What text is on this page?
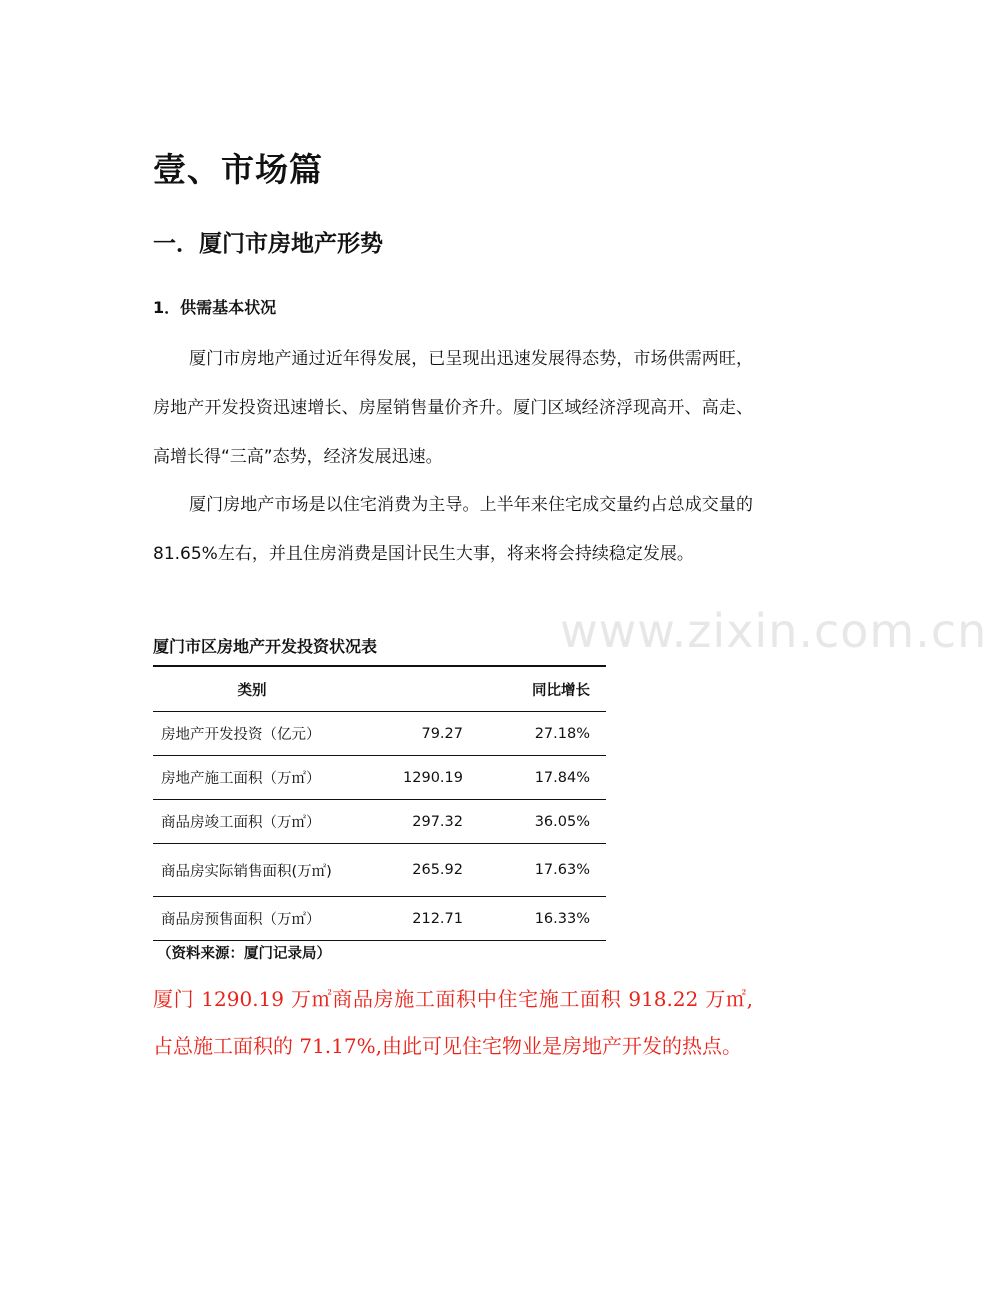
壹、市场篇
一．厦门市房地产形势
1．供需基本状况
厦门市房地产通过近年得发展，已呈现出迅速发展得态势，市场供需两旺，房地产开发投资迅速增长、房屋销售量价齐升。厦门区域经济浮现高开、高走、高增长得“三高”态势，经济发展迅速。
厦门房地产市场是以住宅消费为主导。上半年来住宅成交量约占总成交量的 81.65%左右，并且住房消费是国计民生大事，将来将会持续稳定发展。
www.zixin.com.cn
厦门市区房地产开发投资状况表
类别		同比增长
房地产开发投资（亿元）	79.27	27.18%
房地产施工面积（万㎡）	1290.19	17.84%
商品房竣工面积（万㎡）	297.32	36.05%
商品房实际销售面积(万㎡)	265.92	17.63%
商品房预售面积（万㎡）	212.71	16.33%
（资料来源：厦门记录局）
厦门 1290.19 万㎡商品房施工面积中住宅施工面积 918.22 万㎡,占总施工面积的 71.17%,由此可见住宅物业是房地产开发的热点。
